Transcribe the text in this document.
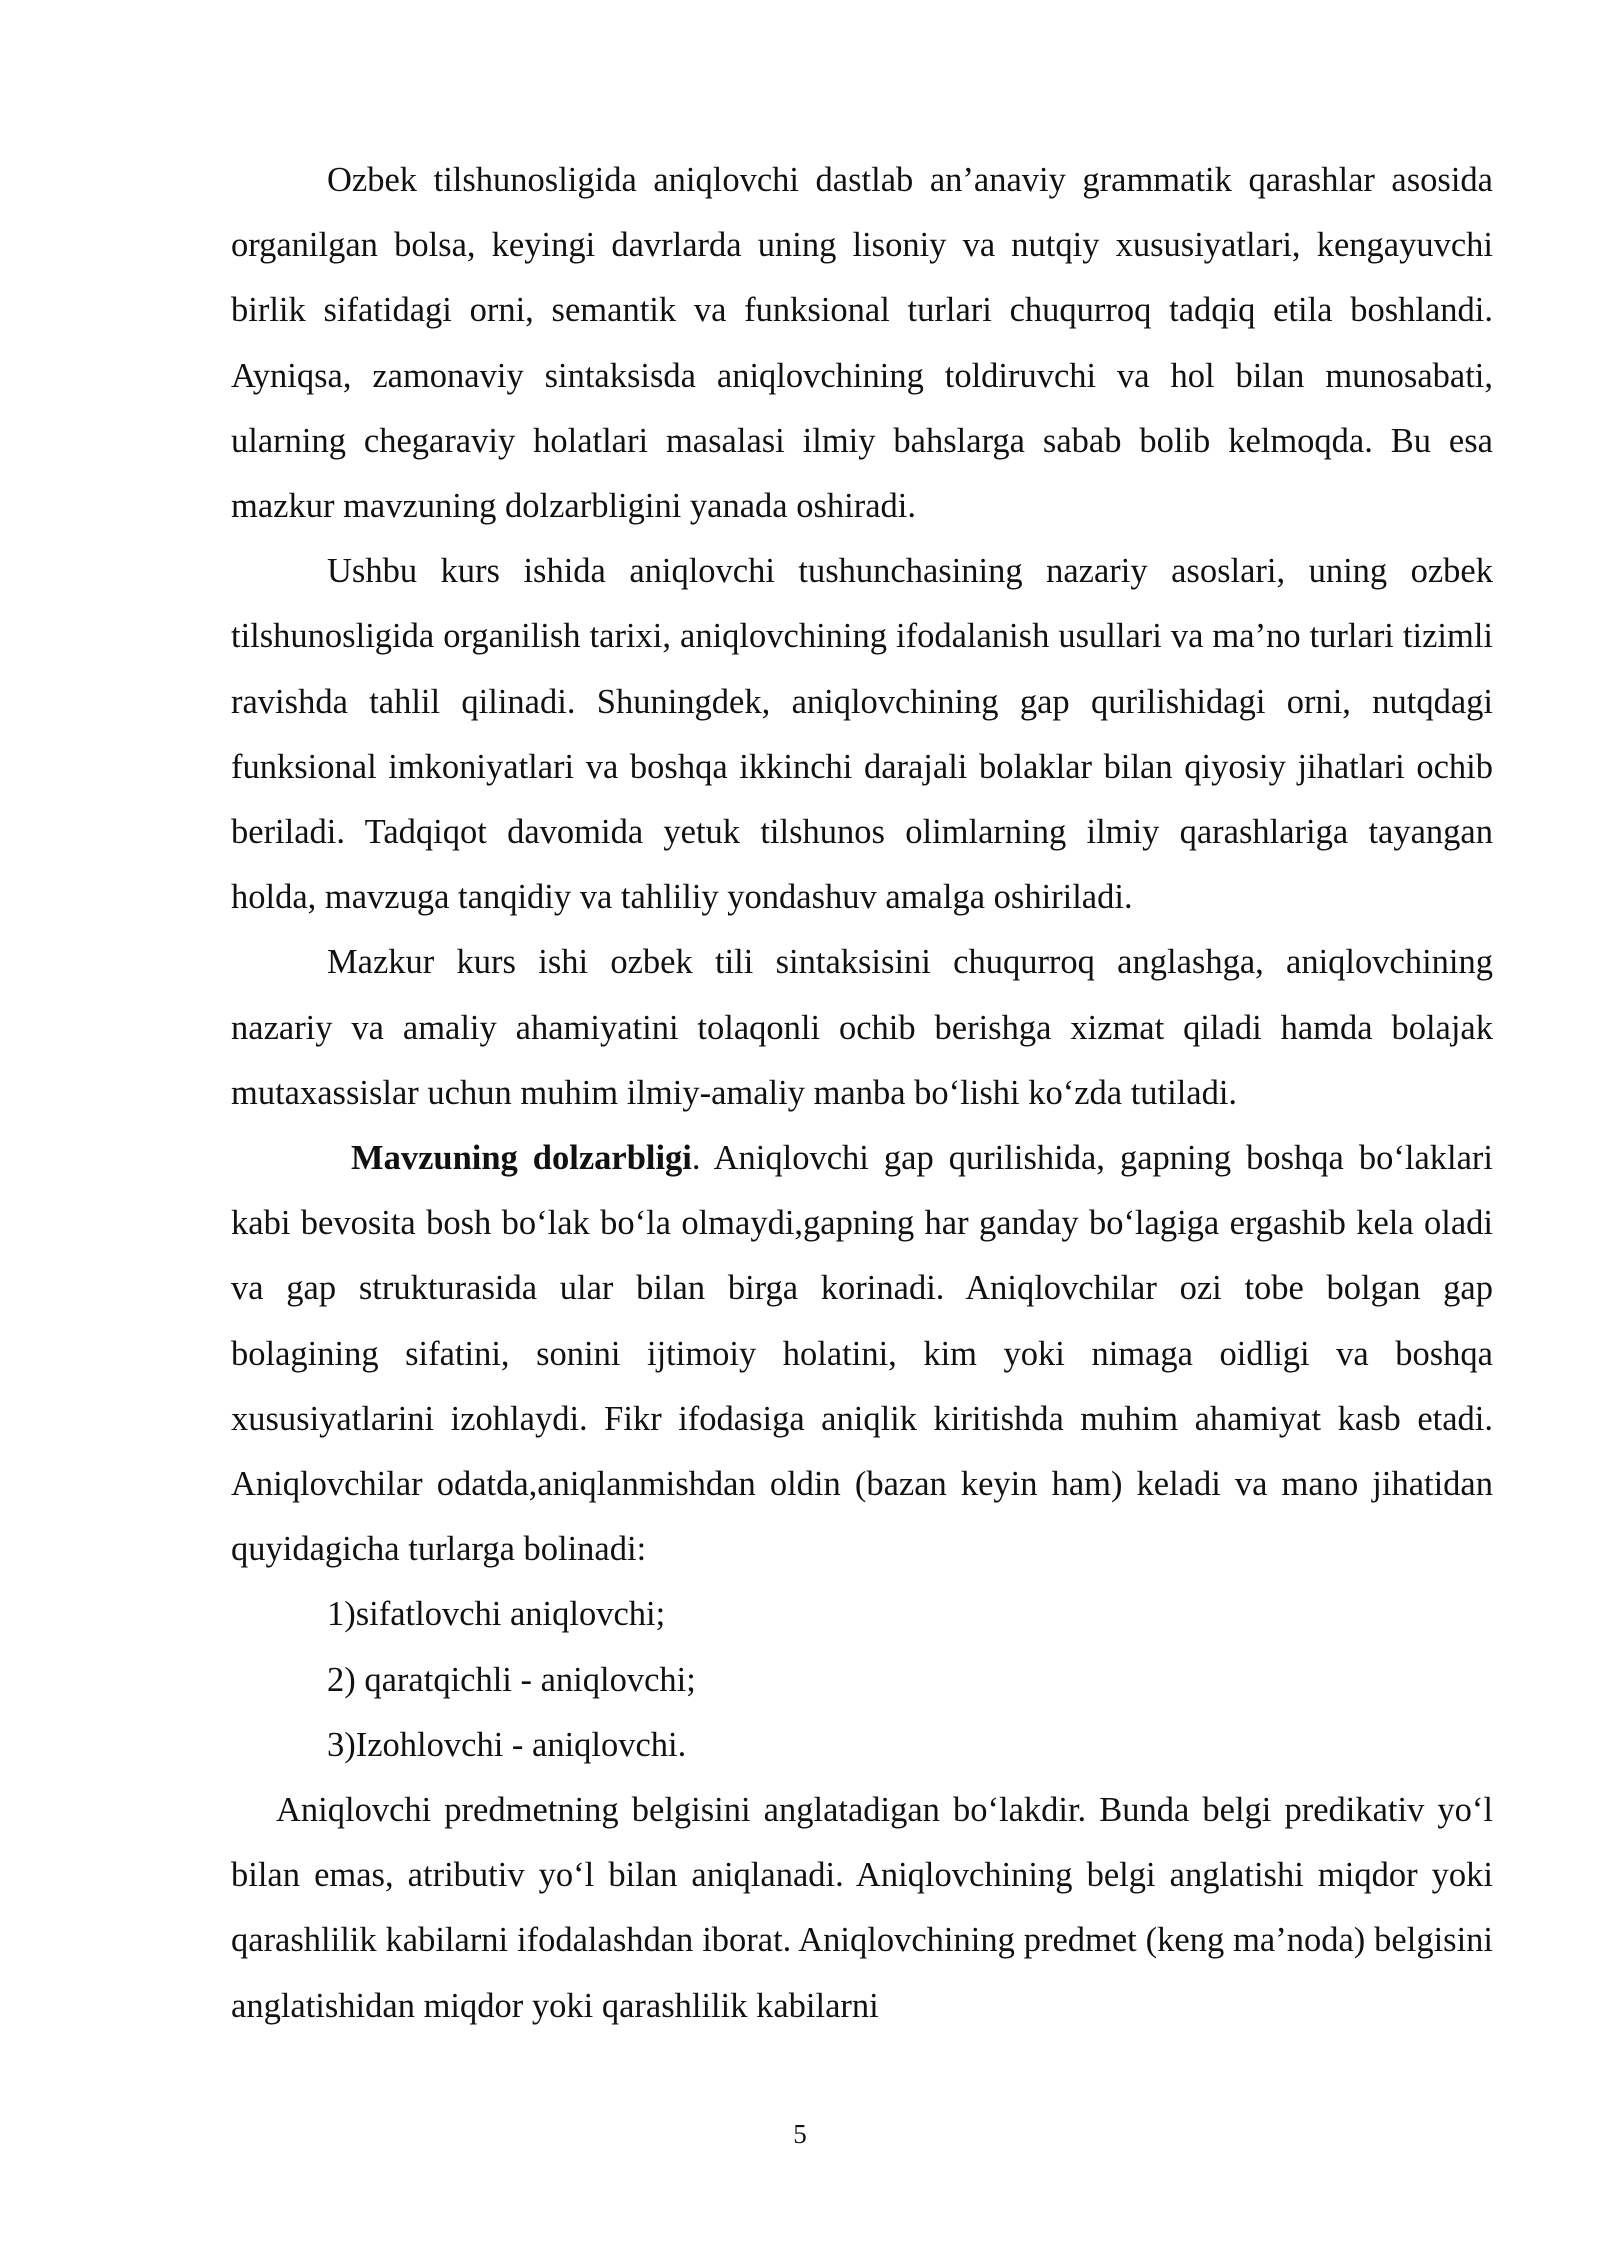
Ozbek tilshunosligida aniqlovchi dastlab an’anaviy grammatik qarashlar asosida organilgan bolsa, keyingi davrlarda uning lisoniy va nutqiy xususiyatlari, kengayuvchi birlik sifatidagi orni, semantik va funksional turlari chuqurroq tadqiq etila boshlandi. Ayniqsa, zamonaviy sintaksisda aniqlovchining toldiruvchi va hol bilan munosabati, ularning chegaraviy holatlari masalasi ilmiy bahslarga sabab bolib kelmoqda. Bu esa mazkur mavzuning dolzarbligini yanada oshiradi.

Ushbu kurs ishida aniqlovchi tushunchasining nazariy asoslari, uning ozbek tilshunosligida organilish tarixi, aniqlovchining ifodalanish usullari va ma’no turlari tizimli ravishda tahlil qilinadi. Shuningdek, aniqlovchining gap qurilishidagi orni, nutqdagi funksional imkoniyatlari va boshqa ikkinchi darajali bolaklar bilan qiyosiy jihatlari ochib beriladi. Tadqiqot davomida yetuk tilshunos olimlarning ilmiy qarashlariga tayangan holda, mavzuga tanqidiy va tahliliy yondashuv amalga oshiriladi.

Mazkur kurs ishi ozbek tili sintaksisini chuqurroq anglashga, aniqlovchining nazariy va amaliy ahamiyatini tolaqonli ochib berishga xizmat qiladi hamda bolajak mutaxassislar uchun muhim ilmiy-amaliy manba bo‘lishi ko‘zda tutiladi.

Mavzuning dolzarbligi. Aniqlovchi gap qurilishida, gapning boshqa bo‘laklari kabi bevosita bosh bo‘lak bo‘la olmaydi,gapning har ganday bo‘lagiga ergashib kela oladi va gap strukturasida ular bilan birga korinadi. Aniqlovchilar ozi tobe bolgan gap bolagining sifatini, sonini ijtimoiy holatini, kim yoki nimaga oidligi va boshqa xususiyatlarini izohlaydi. Fikr ifodasiga aniqlik kiritishda muhim ahamiyat kasb etadi. Aniqlovchilar odatda,aniqlanmishdan oldin (bazan keyin ham) keladi va mano jihatidan quyidagicha turlarga bolinadi:

1)sifatlovchi aniqlovchi;

2) qaratqichli - aniqlovchi;

3)Izohlovchi - aniqlovchi.

Aniqlovchi predmetning belgisini anglatadigan bo‘lakdir. Bunda belgi predikativ yo‘l bilan emas, atributiv yo‘l bilan aniqlanadi. Aniqlovchining belgi anglatishi miqdor yoki qarashlilik kabilarni ifodalashdan iborat. Aniqlovchining predmet (keng ma’noda) belgisini anglatishidan miqdor yoki qarashlilik kabilarni

5
